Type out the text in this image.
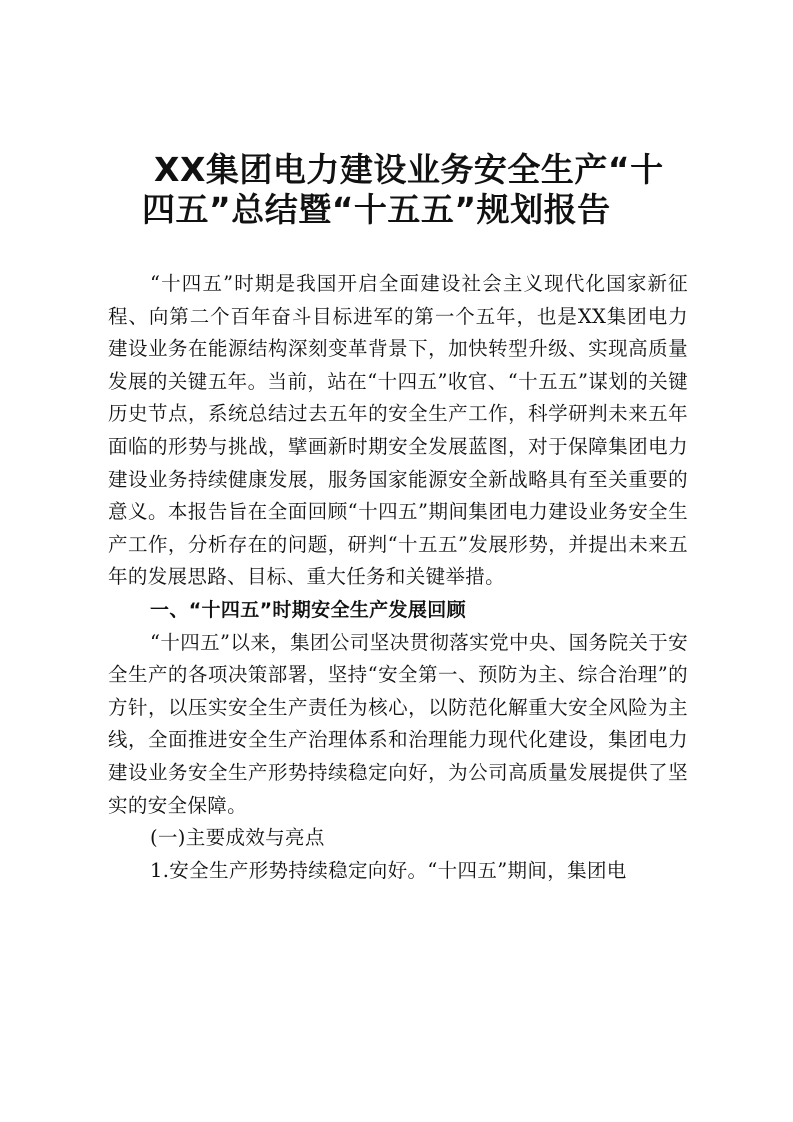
XX集团电力建设业务安全生产“十
四五”总结暨“十五五”规划报告

“十四五”时期是我国开启全面建设社会主义现代化国家新征程、向第二个百年奋斗目标进军的第一个五年，也是XX集团电力建设业务在能源结构深刻变革背景下，加快转型升级、实现高质量发展的关键五年。当前，站在“十四五”收官、“十五五”谋划的关键历史节点，系统总结过去五年的安全生产工作，科学研判未来五年面临的形势与挑战，擘画新时期安全发展蓝图，对于保障集团电力建设业务持续健康发展，服务国家能源安全新战略具有至关重要的意义。本报告旨在全面回顾“十四五”期间集团电力建设业务安全生产工作，分析存在的问题，研判“十五五”发展形势，并提出未来五年的发展思路、目标、重大任务和关键举措。

一、“十四五”时期安全生产发展回顾

“十四五”以来，集团公司坚决贯彻落实党中央、国务院关于安全生产的各项决策部署，坚持“安全第一、预防为主、综合治理”的方针，以压实安全生产责任为核心，以防范化解重大安全风险为主线，全面推进安全生产治理体系和治理能力现代化建设，集团电力建设业务安全生产形势持续稳定向好，为公司高质量发展提供了坚实的安全保障。

(一)主要成效与亮点

1.安全生产形势持续稳定向好。“十四五”期间，集团电
